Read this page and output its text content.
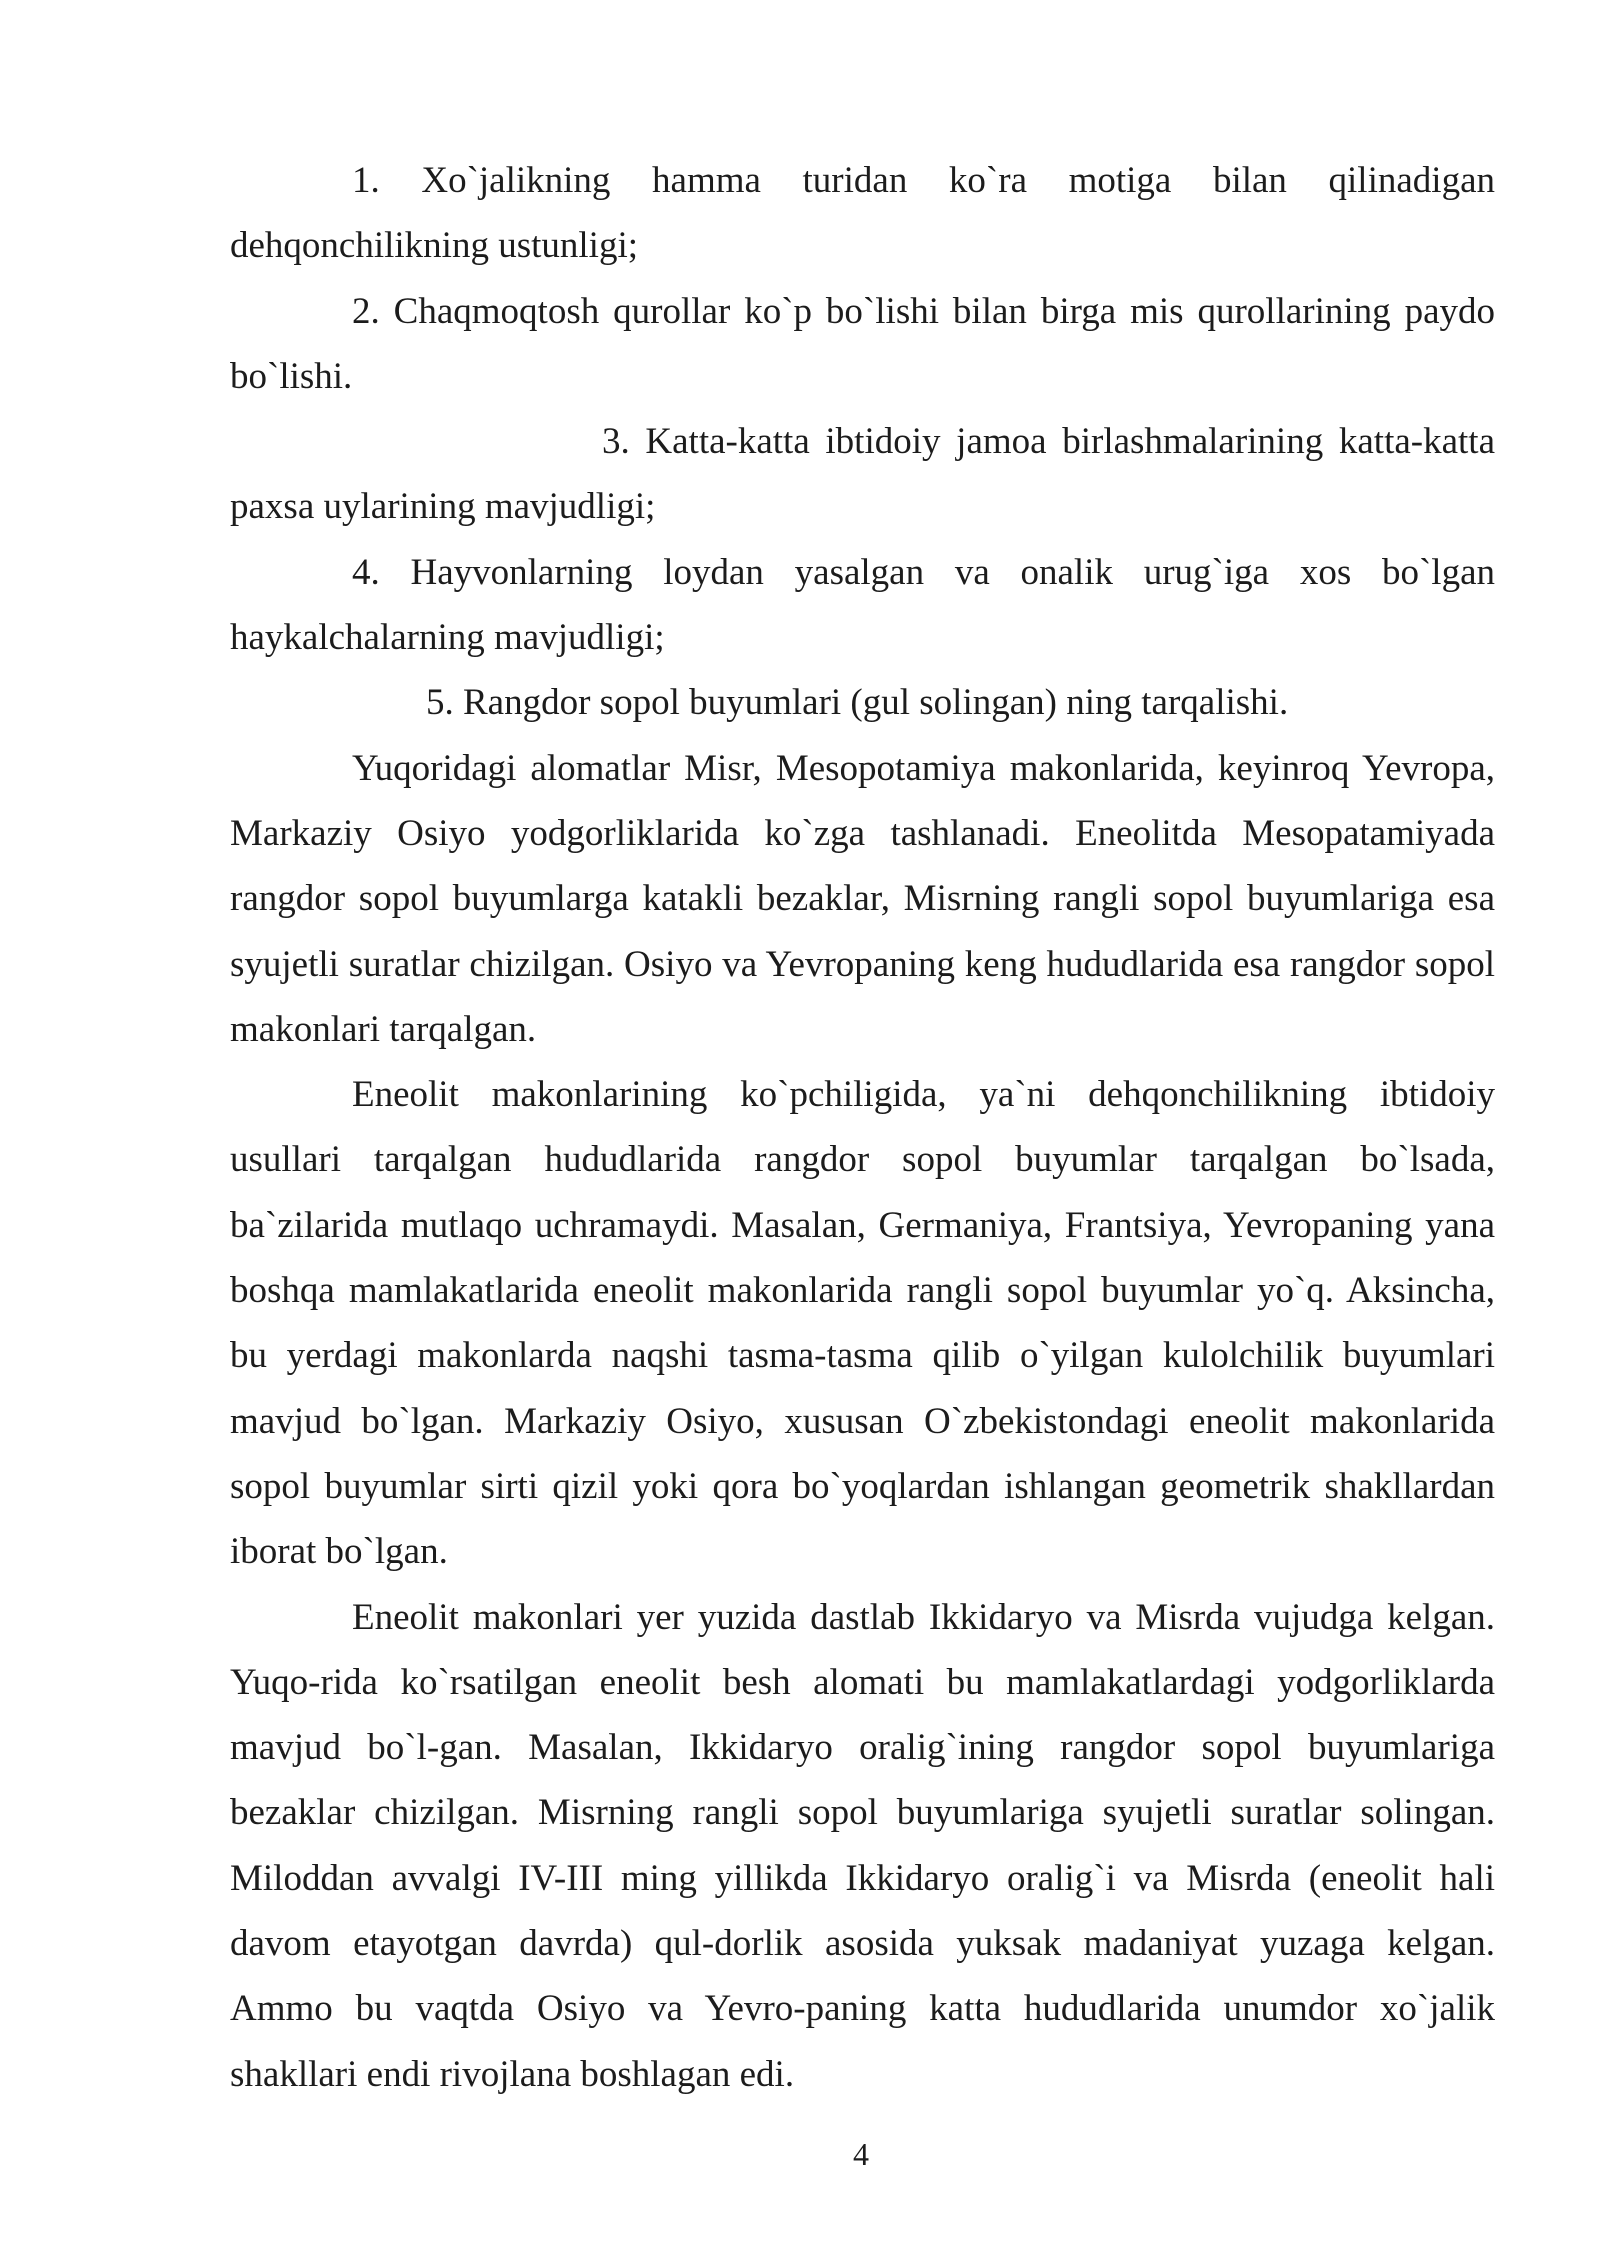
1. Xo`jalikning hamma turidan ko`ra motiga bilan qilinadigan dehqonchilikning ustunligi;

2. Chaqmoqtosh qurollar ko`p bo`lishi bilan birga mis qurollarining paydo bo`lishi.

3. Katta-katta ibtidoiy jamoa birlashmalarining katta-katta paxsa uylarining mavjudligi;

4. Hayvonlarning loydan yasalgan va onalik urug`iga xos bo`lgan haykalchalarning mavjudligi;

5. Rangdor sopol buyumlari (gul solingan) ning tarqalishi.

Yuqoridagi alomatlar Misr, Mesopotamiya makonlarida, keyinroq Yevropa, Markaziy Osiyo yodgorliklarida ko`zga tashlanadi. Eneolitda Mesopatamiyada rangdor sopol buyumlarga katakli bezaklar, Misrning rangli sopol buyumlariga esa syujetli suratlar chizilgan. Osiyo va Yevropaning keng hududlarida esa rangdor sopol makonlari tarqalgan.

Eneolit makonlarining ko`pchiligida, ya`ni dehqonchilikning ibtidoiy usullari tarqalgan hududlarida rangdor sopol buyumlar tarqalgan bo`lsada, ba`zilarida mutlaqo uchramaydi. Masalan, Germaniya, Frantsiya, Yevropaning yana boshqa mamlakatlarida eneolit makonlarida rangli sopol buyumlar yo`q. Aksincha, bu yerdagi makonlarda naqshi tasma-tasma qilib o`yilgan kulolchilik buyumlari mavjud bo`lgan. Markaziy Osiyo, xususan O`zbekistondagi eneolit makonlarida sopol buyumlar sirti qizil yoki qora bo`yoqlardan ishlangan geometrik shakllardan iborat bo`lgan.

Eneolit makonlari yer yuzida dastlab Ikkidaryo va Misrda vujudga kelgan. Yuqo-rida ko`rsatilgan eneolit besh alomati bu mamlakatlardagi yodgorliklarda mavjud bo`l-gan. Masalan, Ikkidaryo oralig`ining rangdor sopol buyumlariga bezaklar chizilgan. Misrning rangli sopol buyumlariga syujetli suratlar solingan. Miloddan avvalgi IV-III ming yillikda Ikkidaryo oralig`i va Misrda (eneolit hali davom etayotgan davrda) qul-dorlik asosida yuksak madaniyat yuzaga kelgan. Ammo bu vaqtda Osiyo va Yevro-paning katta hududlarida unumdor xo`jalik shakllari endi rivojlana boshlagan edi.

4
